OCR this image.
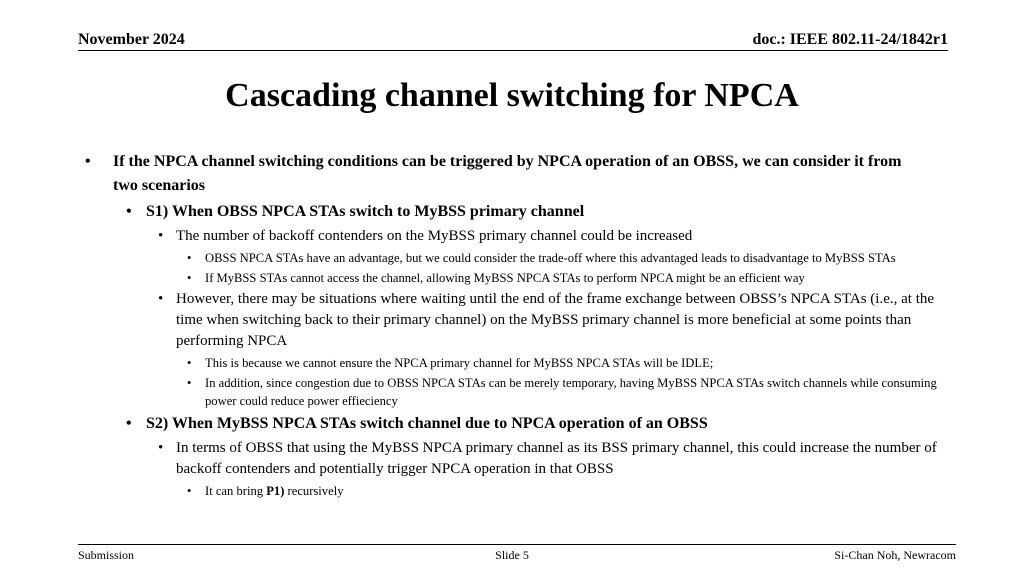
November 2024	doc.: IEEE 802.11-24/1842r1
Cascading channel switching for NPCA
• If the NPCA channel switching conditions can be triggered by NPCA operation of an OBSS, we can consider it from two scenarios
• S1) When OBSS NPCA STAs switch to MyBSS primary channel
• The number of backoff contenders on the MyBSS primary channel could be increased
• OBSS NPCA STAs have an advantage, but we could consider the trade-off where this advantaged leads to disadvantage to MyBSS STAs
• If MyBSS STAs cannot access the channel, allowing MyBSS NPCA STAs to perform NPCA might be an efficient way
• However, there may be situations where waiting until the end of the frame exchange between OBSS’s NPCA STAs (i.e., at the time when switching back to their primary channel) on the MyBSS primary channel is more beneficial at some points than performing NPCA
• This is because we cannot ensure the NPCA primary channel for MyBSS NPCA STAs will be IDLE;
• In addition, since congestion due to OBSS NPCA STAs can be merely temporary, having MyBSS NPCA STAs switch channels while consuming power could reduce power effieciency
• S2) When MyBSS NPCA STAs switch channel due to NPCA operation of an OBSS
• In terms of OBSS that using the MyBSS NPCA primary channel as its BSS primary channel, this could increase the number of backoff contenders and potentially trigger NPCA operation in that OBSS
• It can bring P1) recursively
Submission	Slide 5	Si-Chan Noh, Newracom
